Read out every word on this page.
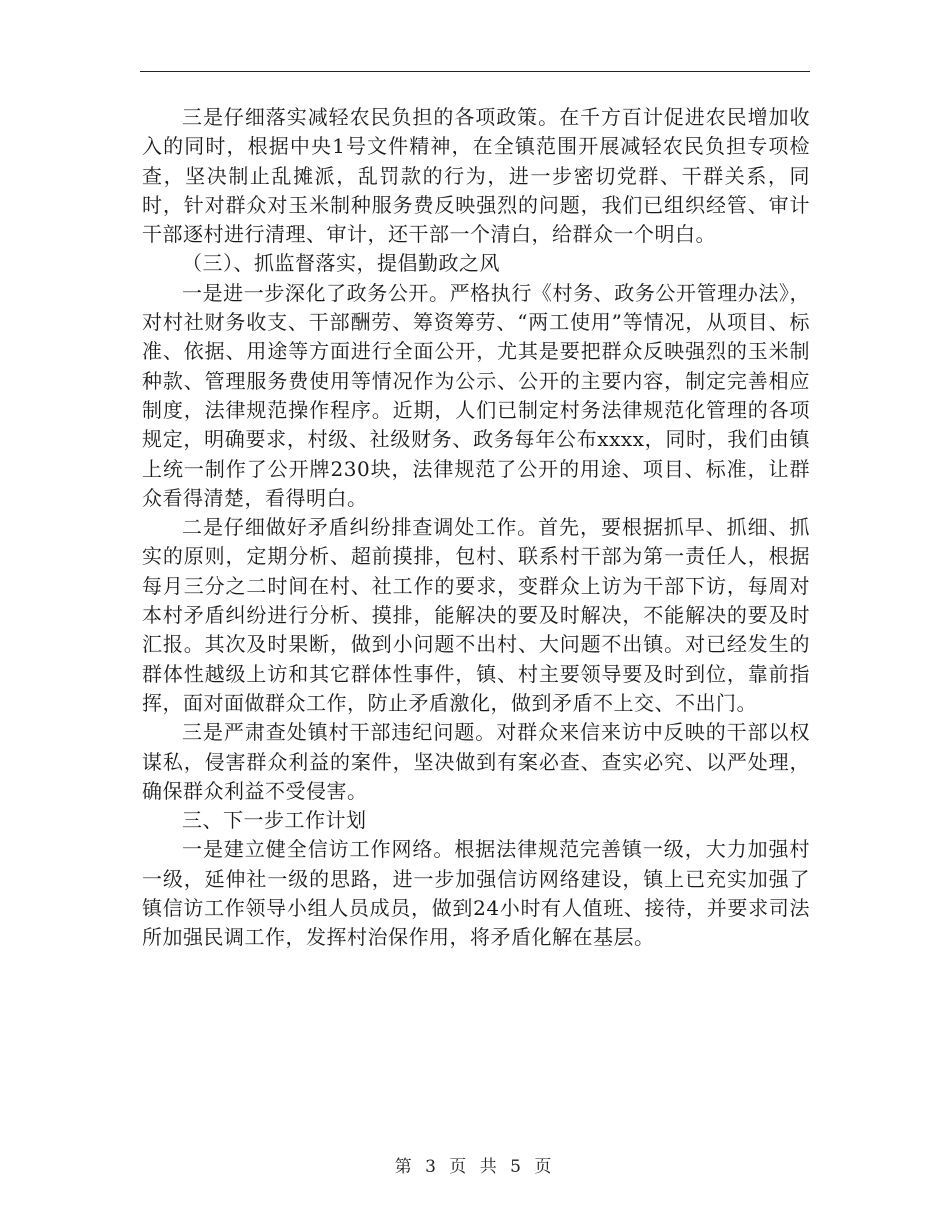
三是仔细落实减轻农民负担的各项政策。在千方百计促进农民增加收入的同时，根据中央1号文件精神，在全镇范围开展减轻农民负担专项检查，坚决制止乱摊派，乱罚款的行为，进一步密切党群、干群关系，同时，针对群众对玉米制种服务费反映强烈的问题，我们已组织经管、审计干部逐村进行清理、审计，还干部一个清白，给群众一个明白。

（三）、抓监督落实，提倡勤政之风

一是进一步深化了政务公开。严格执行《村务、政务公开管理办法》，对村社财务收支、干部酬劳、筹资筹劳、“两工使用”等情况，从项目、标准、依据、用途等方面进行全面公开，尤其是要把群众反映强烈的玉米制种款、管理服务费使用等情况作为公示、公开的主要内容，制定完善相应制度，法律规范操作程序。近期，人们已制定村务法律规范化管理的各项规定，明确要求，村级、社级财务、政务每年公布xxxx，同时，我们由镇上统一制作了公开牌230块，法律规范了公开的用途、项目、标准，让群众看得清楚，看得明白。

二是仔细做好矛盾纠纷排查调处工作。首先，要根据抓早、抓细、抓实的原则，定期分析、超前摸排，包村、联系村干部为第一责任人，根据每月三分之二时间在村、社工作的要求，变群众上访为干部下访，每周对本村矛盾纠纷进行分析、摸排，能解决的要及时解决，不能解决的要及时汇报。其次及时果断，做到小问题不出村、大问题不出镇。对已经发生的群体性越级上访和其它群体性事件，镇、村主要领导要及时到位，靠前指挥，面对面做群众工作，防止矛盾激化，做到矛盾不上交、不出门。

三是严肃查处镇村干部违纪问题。对群众来信来访中反映的干部以权谋私，侵害群众利益的案件，坚决做到有案必查、查实必究、以严处理，确保群众利益不受侵害。

三、下一步工作计划

一是建立健全信访工作网络。根据法律规范完善镇一级，大力加强村一级，延伸社一级的思路，进一步加强信访网络建设，镇上已充实加强了镇信访工作领导小组人员成员，做到24小时有人值班、接待，并要求司法所加强民调工作，发挥村治保作用，将矛盾化解在基层。

第 3 页 共 5 页
